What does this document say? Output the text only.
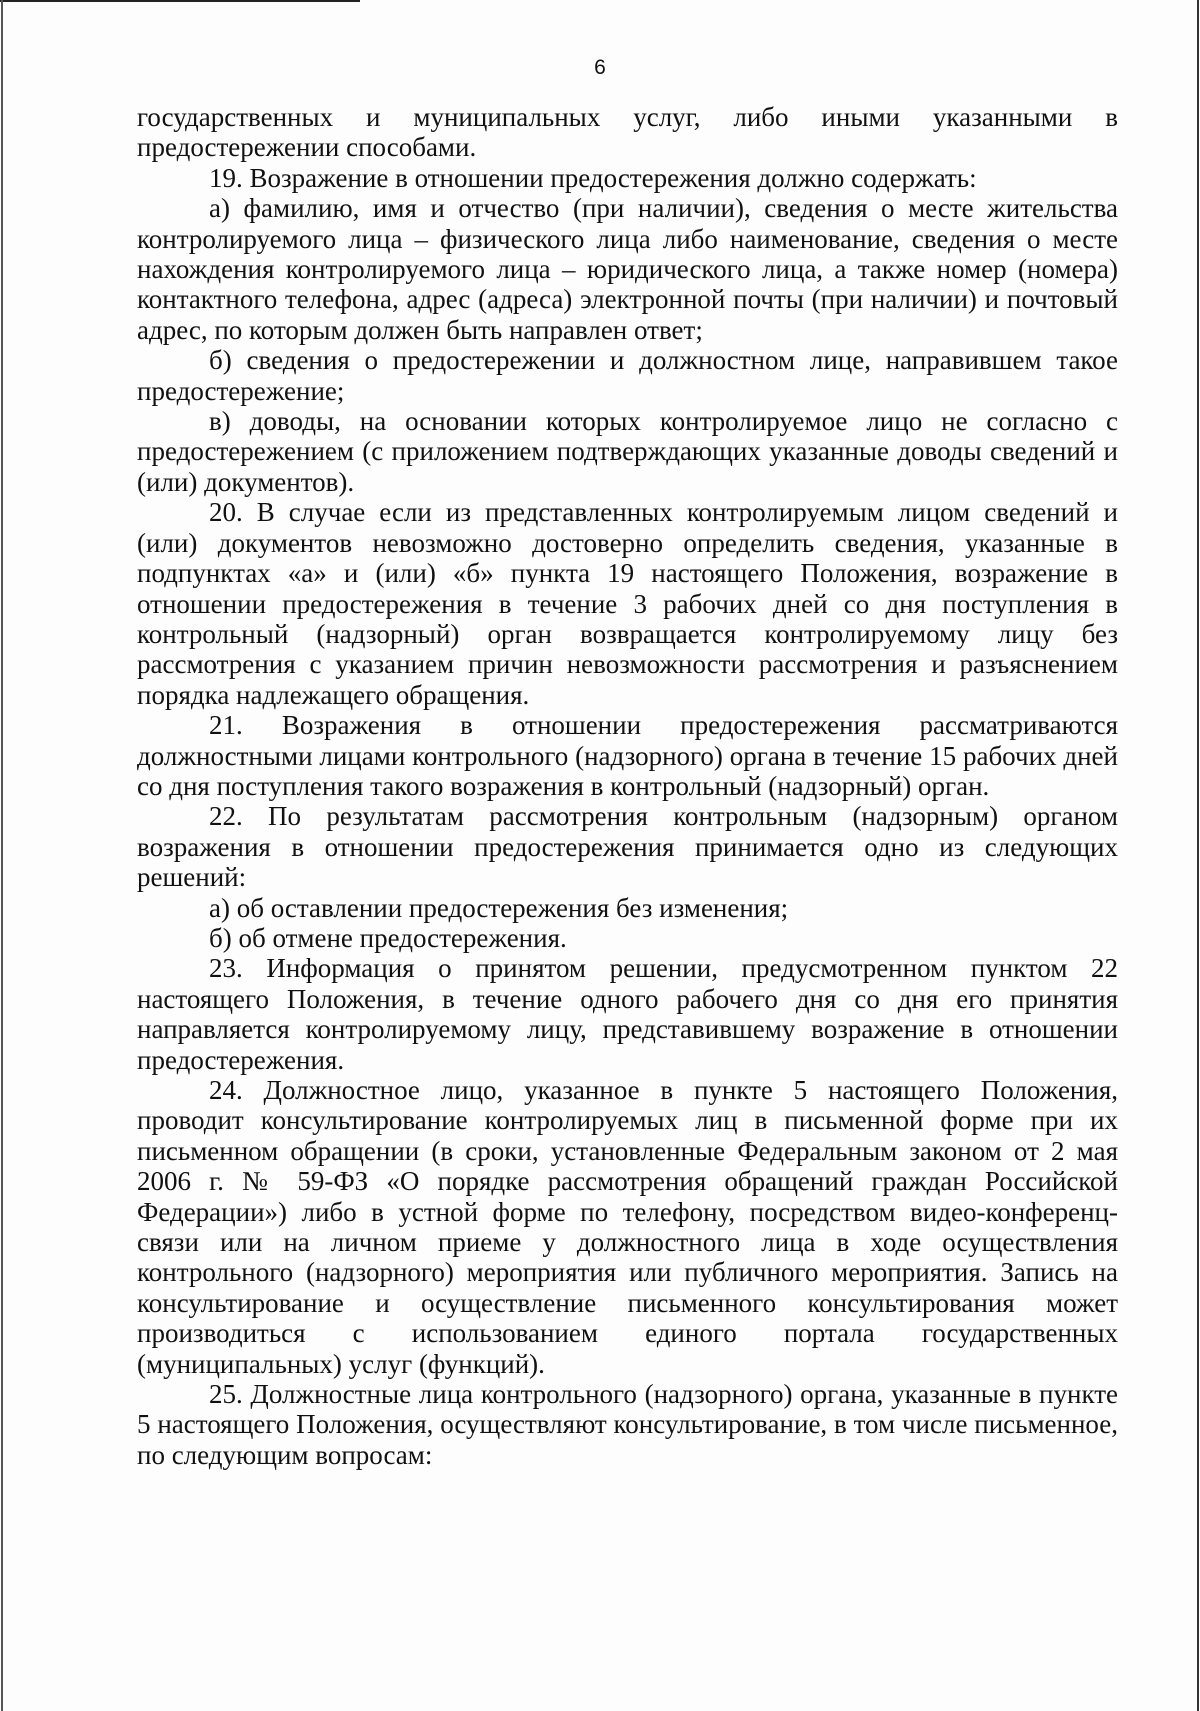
6

государственных и муниципальных услуг, либо иными указанными в предостережении способами.

19. Возражение в отношении предостережения должно содержать:

а) фамилию, имя и отчество (при наличии), сведения о месте жительства контролируемого лица – физического лица либо наименование, сведения о месте нахождения контролируемого лица – юридического лица, а также номер (номера) контактного телефона, адрес (адреса) электронной почты (при наличии) и почтовый адрес, по которым должен быть направлен ответ;

б) сведения о предостережении и должностном лице, направившем такое предостережение;

в) доводы, на основании которых контролируемое лицо не согласно с предостережением (с приложением подтверждающих указанные доводы сведений и (или) документов).

20. В случае если из представленных контролируемым лицом сведений и (или) документов невозможно достоверно определить сведения, указанные в подпунктах «а» и (или) «б» пункта 19 настоящего Положения, возражение в отношении предостережения в течение 3 рабочих дней со дня поступления в контрольный (надзорный) орган возвращается контролируемому лицу без рассмотрения с указанием причин невозможности рассмотрения и разъяснением порядка надлежащего обращения.

21. Возражения в отношении предостережения рассматриваются должностными лицами контрольного (надзорного) органа в течение 15 рабочих дней со дня поступления такого возражения в контрольный (надзорный) орган.

22. По результатам рассмотрения контрольным (надзорным) органом возражения в отношении предостережения принимается одно из следующих решений:

а) об оставлении предостережения без изменения;

б) об отмене предостережения.

23. Информация о принятом решении, предусмотренном пунктом 22 настоящего Положения, в течение одного рабочего дня со дня его принятия направляется контролируемому лицу, представившему возражение в отношении предостережения.

24. Должностное лицо, указанное в пункте 5 настоящего Положения, проводит консультирование контролируемых лиц в письменной форме при их письменном обращении (в сроки, установленные Федеральным законом от 2 мая 2006 г. № 59-ФЗ «О порядке рассмотрения обращений граждан Российской Федерации») либо в устной форме по телефону, посредством видео-конференц-связи или на личном приеме у должностного лица в ходе осуществления контрольного (надзорного) мероприятия или публичного мероприятия. Запись на консультирование и осуществление письменного консультирования может производиться с использованием единого портала государственных (муниципальных) услуг (функций).

25. Должностные лица контрольного (надзорного) органа, указанные в пункте 5 настоящего Положения, осуществляют консультирование, в том числе письменное, по следующим вопросам:
